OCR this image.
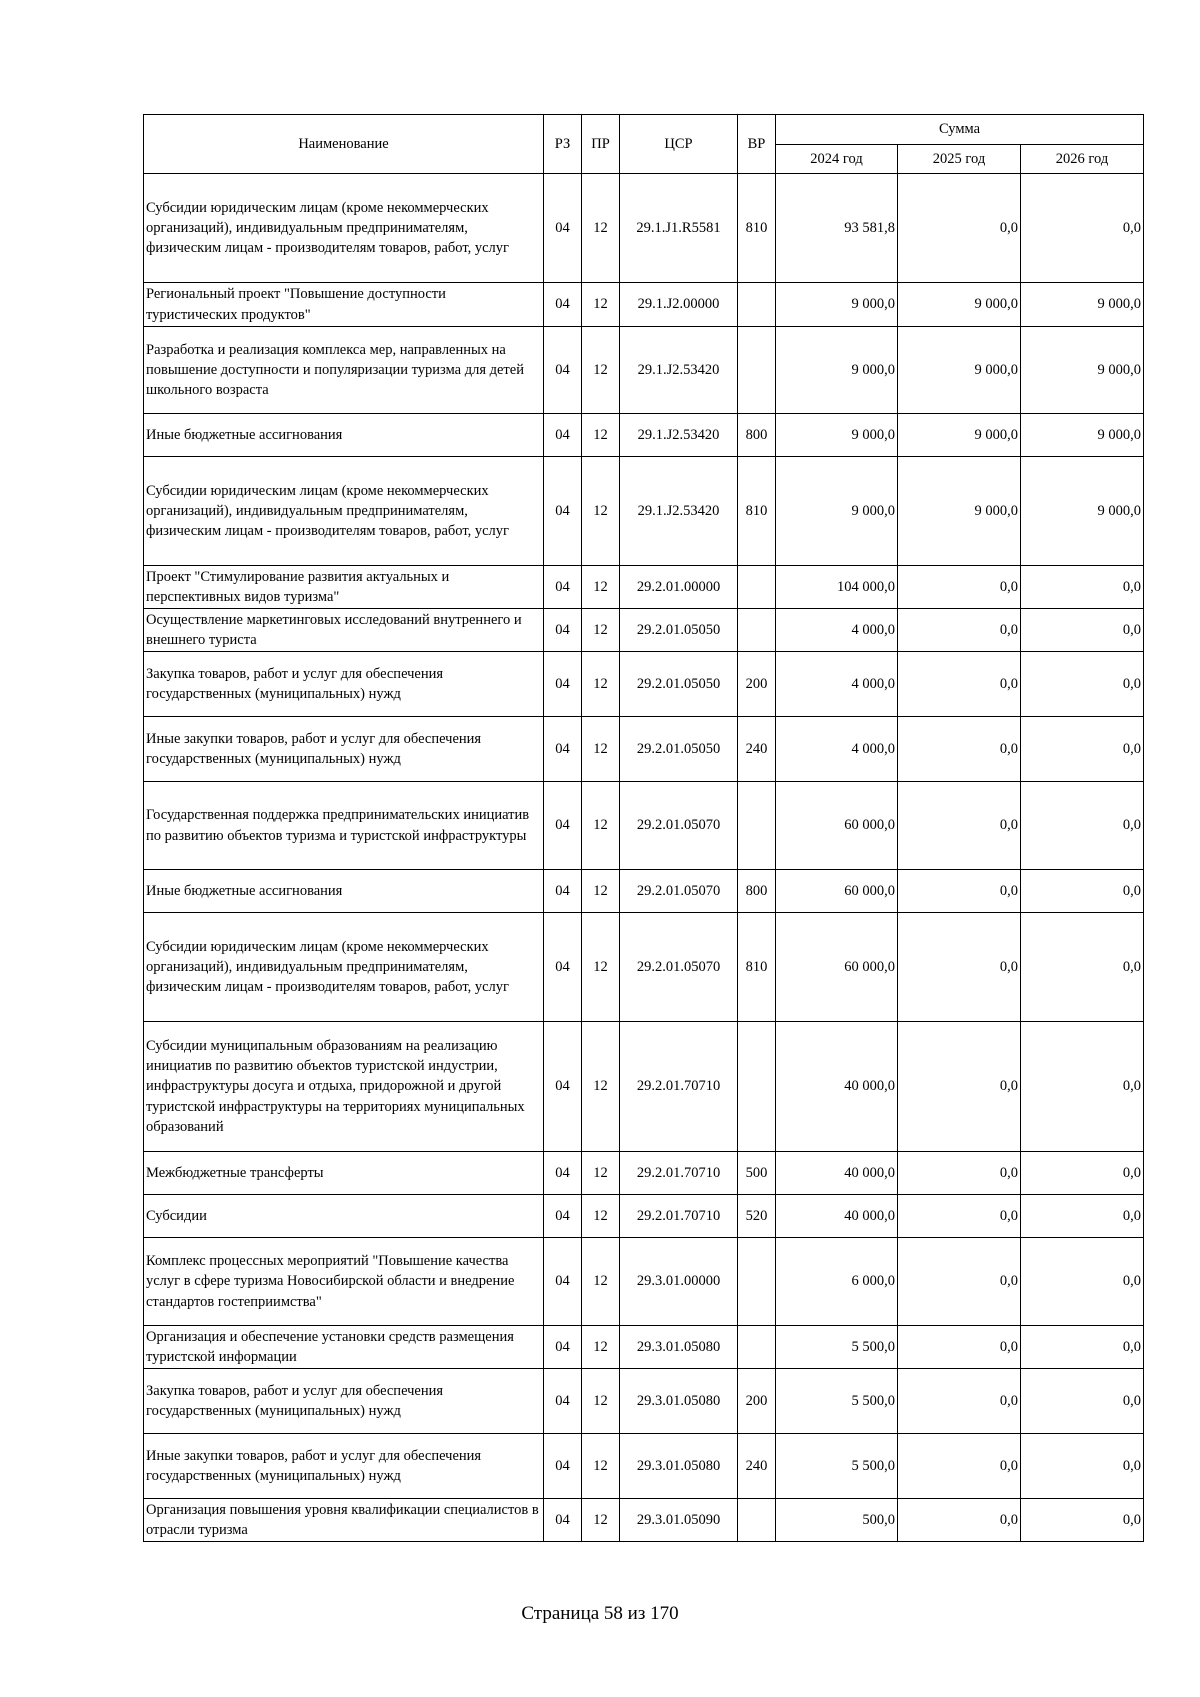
Наименование	РЗ	ПР	ЦСР	ВР	Сумма		
					2024 год	2025 год	2026 год
Субсидии юридическим лицам (кроме некоммерческих организаций), индивидуальным предпринимателям, физическим лицам - производителям товаров, работ, услуг	04	12	29.1.J1.R5581	810	93 581,8	0,0	0,0
Региональный проект "Повышение доступности туристических продуктов"	04	12	29.1.J2.00000		9 000,0	9 000,0	9 000,0
Разработка и реализация комплекса мер, направленных на повышение доступности и популяризации туризма для детей школьного возраста	04	12	29.1.J2.53420		9 000,0	9 000,0	9 000,0
Иные бюджетные ассигнования	04	12	29.1.J2.53420	800	9 000,0	9 000,0	9 000,0
Субсидии юридическим лицам (кроме некоммерческих организаций), индивидуальным предпринимателям, физическим лицам - производителям товаров, работ, услуг	04	12	29.1.J2.53420	810	9 000,0	9 000,0	9 000,0
Проект "Стимулирование развития актуальных и перспективных видов туризма"	04	12	29.2.01.00000		104 000,0	0,0	0,0
Осуществление маркетинговых исследований внутреннего и внешнего туриста	04	12	29.2.01.05050		4 000,0	0,0	0,0
Закупка товаров, работ и услуг для обеспечения государственных (муниципальных) нужд	04	12	29.2.01.05050	200	4 000,0	0,0	0,0
Иные закупки товаров, работ и услуг для обеспечения государственных (муниципальных) нужд	04	12	29.2.01.05050	240	4 000,0	0,0	0,0
Государственная поддержка предпринимательских инициатив по развитию объектов туризма и туристской инфраструктуры	04	12	29.2.01.05070		60 000,0	0,0	0,0
Иные бюджетные ассигнования	04	12	29.2.01.05070	800	60 000,0	0,0	0,0
Субсидии юридическим лицам (кроме некоммерческих организаций), индивидуальным предпринимателям, физическим лицам - производителям товаров, работ, услуг	04	12	29.2.01.05070	810	60 000,0	0,0	0,0
Субсидии муниципальным образованиям на реализацию инициатив по развитию объектов туристской индустрии, инфраструктуры досуга и отдыха, придорожной и другой туристской инфраструктуры на территориях муниципальных образований	04	12	29.2.01.70710		40 000,0	0,0	0,0
Межбюджетные трансферты	04	12	29.2.01.70710	500	40 000,0	0,0	0,0
Субсидии	04	12	29.2.01.70710	520	40 000,0	0,0	0,0
Комплекс процессных мероприятий "Повышение качества услуг в сфере туризма Новосибирской области и внедрение стандартов гостеприимства"	04	12	29.3.01.00000		6 000,0	0,0	0,0
Организация и обеспечение установки средств размещения туристской информации	04	12	29.3.01.05080		5 500,0	0,0	0,0
Закупка товаров, работ и услуг для обеспечения государственных (муниципальных) нужд	04	12	29.3.01.05080	200	5 500,0	0,0	0,0
Иные закупки товаров, работ и услуг для обеспечения государственных (муниципальных) нужд	04	12	29.3.01.05080	240	5 500,0	0,0	0,0
Организация повышения уровня квалификации специалистов в отрасли туризма	04	12	29.3.01.05090		500,0	0,0	0,0
Страница 58 из 170
